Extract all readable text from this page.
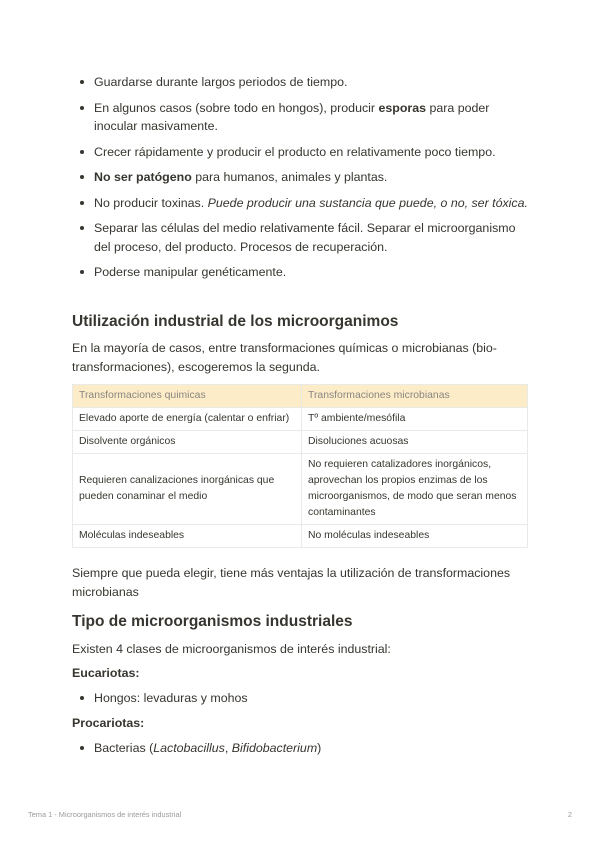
Guardarse durante largos periodos de tiempo.
En algunos casos (sobre todo en hongos), producir esporas para poder inocular masivamente.
Crecer rápidamente y producir el producto en relativamente poco tiempo.
No ser patógeno para humanos, animales y plantas.
No producir toxinas. Puede producir una sustancia que puede, o no, ser tóxica.
Separar las células del medio relativamente fácil. Separar el microorganismo del proceso, del producto. Procesos de recuperación.
Poderse manipular genéticamente.
Utilización industrial de los microorganimos

En la mayoría de casos, entre transformaciones químicas o microbianas (bio-transformaciones), escogeremos la segunda.

Transformaciones quimicas	Transformaciones microbianas
Elevado aporte de energía (calentar o enfriar)	Tº ambiente/mesófila
Disolvente orgánicos	Disoluciones acuosas
Requieren canalizaciones inorgánicas que pueden conaminar el medio	No requieren catalizadores inorgánicos, aprovechan los propios enzimas de los microorganismos, de modo que seran menos contaminantes
Moléculas indeseables	No moléculas indeseables

Siempre que pueda elegir, tiene más ventajas la utilización de transformaciones microbianas

Tipo de microorganismos industriales

Existen 4 clases de microorganismos de interés industrial:

Eucariotas:
Hongos: levaduras y mohos
Procariotas:
Bacterias (Lactobacillus, Bifidobacterium)
Tema 1 - Microorganismos de interés industrial	2
